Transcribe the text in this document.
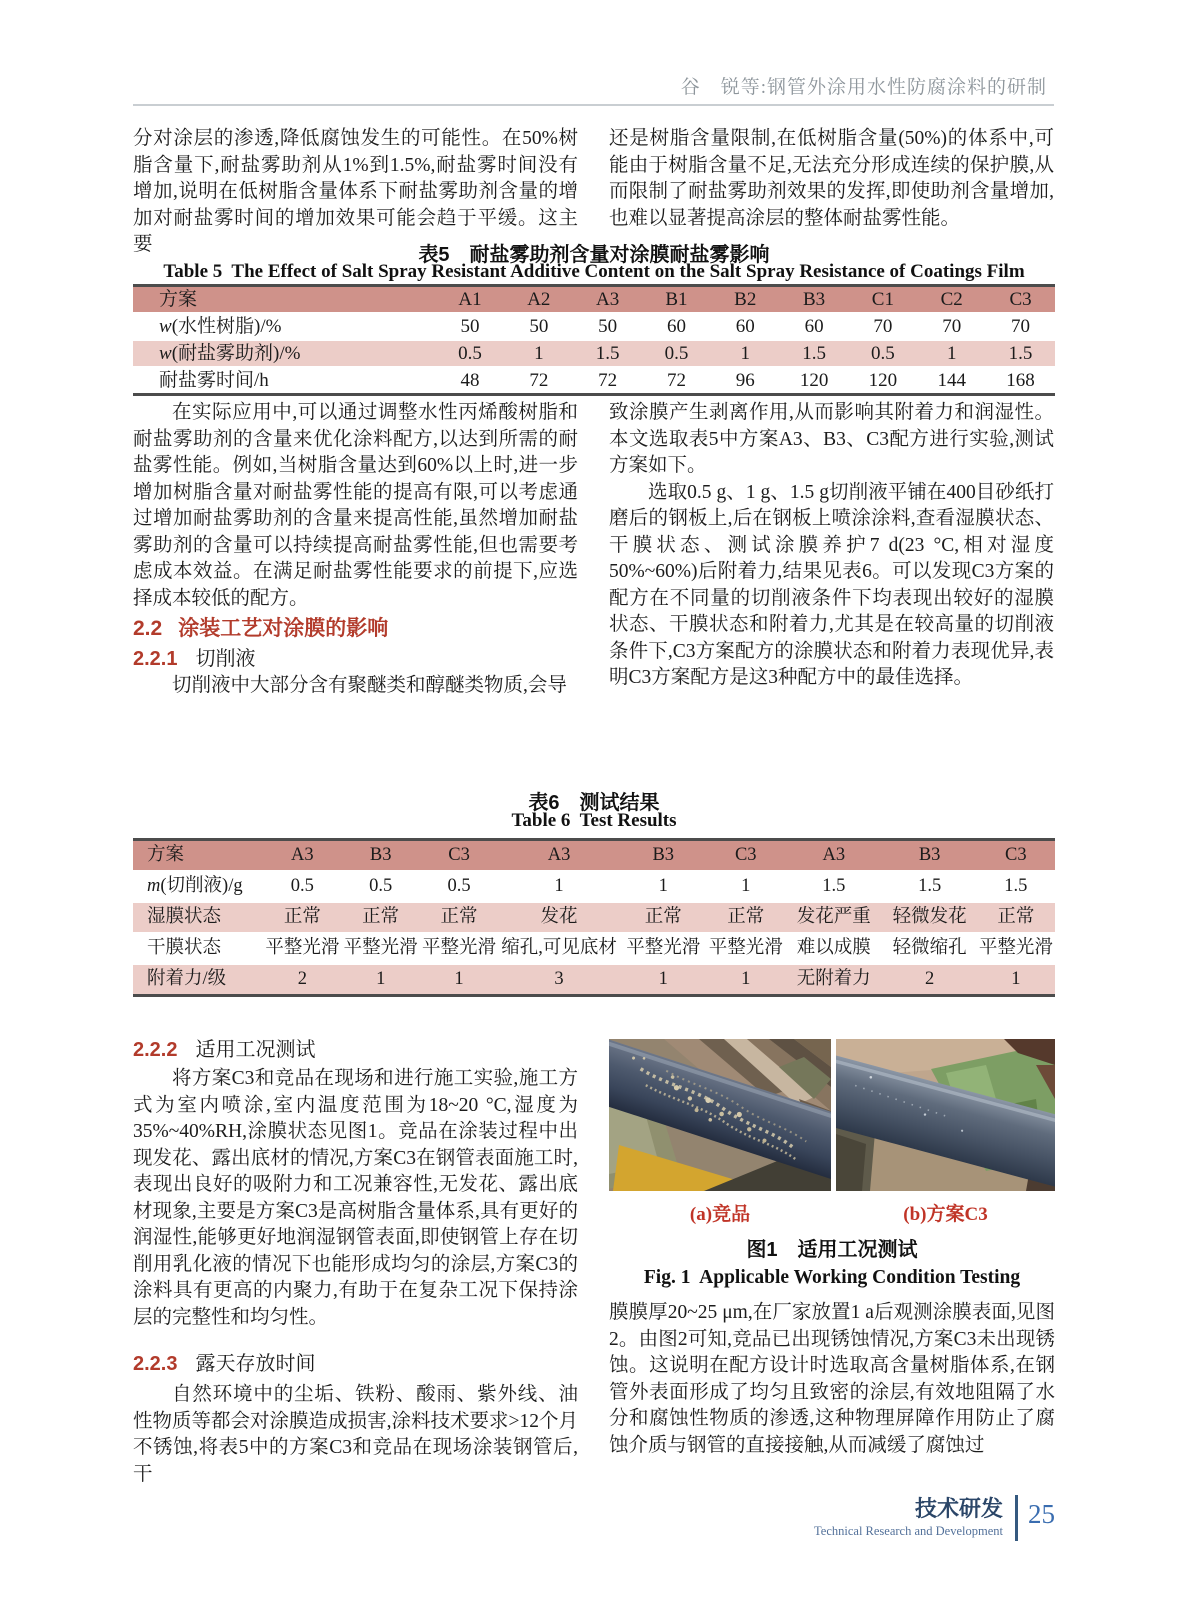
谷　锐等:钢管外涂用水性防腐涂料的研制

分对涂层的渗透,降低腐蚀发生的可能性。在50%树脂含量下,耐盐雾助剂从1%到1.5%,耐盐雾时间没有增加,说明在低树脂含量体系下耐盐雾助剂含量的增加对耐盐雾时间的增加效果可能会趋于平缓。这主要

还是树脂含量限制,在低树脂含量(50%)的体系中,可能由于树脂含量不足,无法充分形成连续的保护膜,从而限制了耐盐雾助剂效果的发挥,即使助剂含量增加,也难以显著提高涂层的整体耐盐雾性能。

表5　耐盐雾助剂含量对涂膜耐盐雾影响
Table 5  The Effect of Salt Spray Resistant Additive Content on the Salt Spray Resistance of Coatings Film
方案	A1	A2	A3	B1	B2	B3	C1	C2	C3
w(水性树脂)/%	50	50	50	60	60	60	70	70	70
w(耐盐雾助剂)/%	0.5	1	1.5	0.5	1	1.5	0.5	1	1.5
耐盐雾时间/h	48	72	72	72	96	120	120	144	168

在实际应用中,可以通过调整水性丙烯酸树脂和耐盐雾助剂的含量来优化涂料配方,以达到所需的耐盐雾性能。例如,当树脂含量达到60%以上时,进一步增加树脂含量对耐盐雾性能的提高有限,可以考虑通过增加耐盐雾助剂的含量来提高性能,虽然增加耐盐雾助剂的含量可以持续提高耐盐雾性能,但也需要考虑成本效益。在满足耐盐雾性能要求的前提下,应选择成本较低的配方。

2.2 涂装工艺对涂膜的影响
2.2.1 切削液

切削液中大部分含有聚醚类和醇醚类物质,会导

致涂膜产生剥离作用,从而影响其附着力和润湿性。本文选取表5中方案A3、B3、C3配方进行实验,测试方案如下。

选取0.5 g、1 g、1.5 g切削液平铺在400目砂纸打磨后的钢板上,后在钢板上喷涂涂料,查看湿膜状态、干膜状态、测试涂膜养护7 d(23 °C,相对湿度50%~60%)后附着力,结果见表6。可以发现C3方案的配方在不同量的切削液条件下均表现出较好的湿膜状态、干膜状态和附着力,尤其是在较高量的切削液条件下,C3方案配方的涂膜状态和附着力表现优异,表明C3方案配方是这3种配方中的最佳选择。

表6　测试结果
Table 6  Test Results
方案	A3	B3	C3	A3	B3	C3	A3	B3	C3
m(切削液)/g	0.5	0.5	0.5	1	1	1	1.5	1.5	1.5
湿膜状态	正常	正常	正常	发花	正常	正常	发花严重	轻微发花	正常
干膜状态	平整光滑	平整光滑	平整光滑	缩孔,可见底材	平整光滑	平整光滑	难以成膜	轻微缩孔	平整光滑
附着力/级	2	1	1	3	1	1	无附着力	2	1
2.2.2 适用工况测试

将方案C3和竞品在现场和进行施工实验,施工方式为室内喷涂,室内温度范围为18~20 °C,湿度为35%~40%RH,涂膜状态见图1。竞品在涂装过程中出现发花、露出底材的情况,方案C3在钢管表面施工时,表现出良好的吸附力和工况兼容性,无发花、露出底材现象,主要是方案C3是高树脂含量体系,具有更好的润湿性,能够更好地润湿钢管表面,即使钢管上存在切削用乳化液的情况下也能形成均匀的涂层,方案C3的涂料具有更高的内聚力,有助于在复杂工况下保持涂层的完整性和均匀性。

2.2.3 露天存放时间

自然环境中的尘垢、铁粉、酸雨、紫外线、油性物质等都会对涂膜造成损害,涂料技术要求>12个月不锈蚀,将表5中的方案C3和竞品在现场涂装钢管后,干

(a)竞品	(b)方案C3
图1　适用工况测试
Fig. 1  Applicable Working Condition Testing

膜膜厚20~25 μm,在厂家放置1 a后观测涂膜表面,见图2。由图2可知,竞品已出现锈蚀情况,方案C3未出现锈蚀。这说明在配方设计时选取高含量树脂体系,在钢管外表面形成了均匀且致密的涂层,有效地阻隔了水分和腐蚀性物质的渗透,这种物理屏障作用防止了腐蚀介质与钢管的直接接触,从而减缓了腐蚀过

技术研发
Technical Research and Development
25
